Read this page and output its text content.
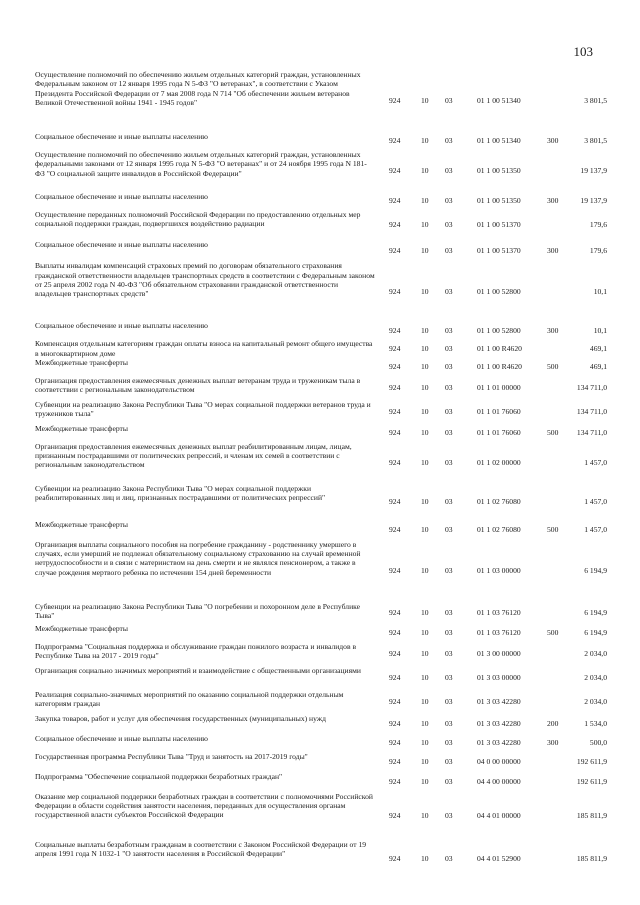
103
Осуществление полномочий по обеспечению жильем отдельных категорий граждан, установленных Федеральным законом от 12 января 1995 года N 5-ФЗ "О ветеранах", в соответствии с Указом Президента Российской Федерации от 7 мая 2008 года N 714 "Об обеспечении жильем ветеранов Великой Отечественной войны 1941 - 1945 годов"	924	10	03	01 1 00 51340		3 801,5
Социальное обеспечение и иные выплаты населению	924	10	03	01 1 00 51340	300	3 801,5
Осуществление полномочий по обеспечению жильем отдельных категорий граждан, установленных федеральными законами от 12 января 1995 года N 5-ФЗ "О ветеранах" и от 24 ноября 1995 года N 181-ФЗ "О социальной защите инвалидов в Российской Федерации"	924	10	03	01 1 00 51350		19 137,9
Социальное обеспечение и иные выплаты населению	924	10	03	01 1 00 51350	300	19 137,9
Осуществление переданных полномочий Российской Федерации по предоставлению отдельных мер социальной поддержки граждан, подвергшихся воздействию радиации	924	10	03	01 1 00 51370		179,6
Социальное обеспечение и иные выплаты населению	924	10	03	01 1 00 51370	300	179,6
Выплаты инвалидам компенсаций страховых премий по договорам обязательного страхования гражданской ответственности владельцев транспортных средств в соответствии с Федеральным законом от 25 апреля 2002 года N 40-ФЗ "Об обязательном страховании гражданской ответственности владельцев транспортных средств"	924	10	03	01 1 00 52800		10,1
Социальное обеспечение и иные выплаты населению	924	10	03	01 1 00 52800	300	10,1
Компенсация отдельным категориям граждан оплаты взноса на капитальный ремонт общего имущества в многоквартирном доме	924	10	03	01 1 00 R4620		469,1
Межбюджетные трансферты	924	10	03	01 1 00 R4620	500	469,1
Организация предоставления ежемесячных денежных выплат ветеранам труда и труженикам тыла в соответствии с региональным законодательством	924	10	03	01 1 01 00000		134 711,0
Субвенции на реализацию Закона Республики Тыва "О мерах социальной поддержки ветеранов труда и тружеников тыла"	924	10	03	01 1 01 76060		134 711,0
Межбюджетные трансферты	924	10	03	01 1 01 76060	500	134 711,0
Организация предоставления ежемесячных денежных выплат реабилитированным лицам, лицам, признанным пострадавшими от политических репрессий, и членам их семей в соответствии с региональным законодательством	924	10	03	01 1 02 00000		1 457,0
Субвенции на реализацию Закона Республики Тыва "О мерах социальной поддержки реабилитированных лиц и лиц, признанных пострадавшими от политических репрессий"	924	10	03	01 1 02 76080		1 457,0
Межбюджетные трансферты	924	10	03	01 1 02 76080	500	1 457,0
Организация выплаты социального пособия на погребение гражданину - родственнику умершего в случаях, если умерший не подлежал обязательному социальному страхованию на случай временной нетрудоспособности и в связи с материнством на день смерти и не являлся пенсионером, а также в случае рождения мертвого ребенка по истечении 154 дней беременности	924	10	03	01 1 03 00000		6 194,9
Субвенции на реализацию Закона Республики Тыва "О погребении и похоронном деле в Республике Тыва"	924	10	03	01 1 03 76120		6 194,9
Межбюджетные трансферты	924	10	03	01 1 03 76120	500	6 194,9
Подпрограмма "Социальная поддержка и обслуживание граждан пожилого возраста и инвалидов в Республике Тыва на 2017 - 2019 годы"	924	10	03	01 3 00 00000		2 034,0
Организация социально значимых мероприятий и взаимодействие с общественными организациями	924	10	03	01 3 03 00000		2 034,0
Реализация социально-значимых мероприятий по оказанию социальной поддержки отдельным категориям граждан	924	10	03	01 3 03 42280		2 034,0
Закупка товаров, работ и услуг для обеспечения государственных (муниципальных) нужд	924	10	03	01 3 03 42280	200	1 534,0
Социальное обеспечение и иные выплаты населению	924	10	03	01 3 03 42280	300	500,0
Государственная программа Республики Тыва "Труд и занятость на 2017-2019 годы"	924	10	03	04 0 00 00000		192 611,9
Подпрограмма "Обеспечение социальной поддержки безработных граждан"	924	10	03	04 4 00 00000		192 611,9
Оказание мер социальной поддержки безработных граждан в соответствии с полномочиями Российской Федерации в области содействия занятости населения, переданных для осуществления органам государственной власти субъектов Российской Федерации	924	10	03	04 4 01 00000		185 811,9
Социальные выплаты безработным гражданам в соответствии с Законом Российской Федерации от 19 апреля 1991 года N 1032-1 "О занятости населения в Российской Федерации"	924	10	03	04 4 01 52900		185 811,9
